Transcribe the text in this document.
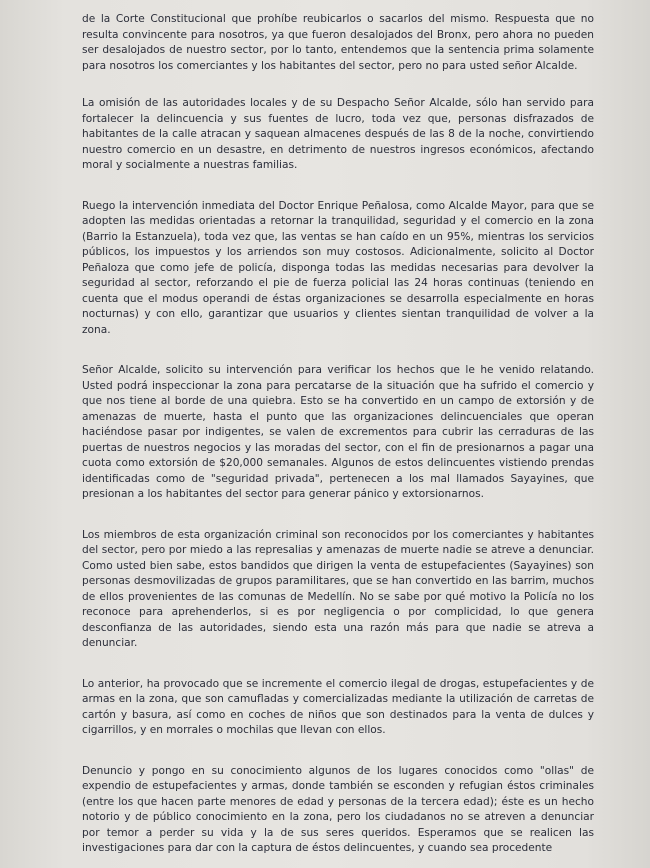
de la Corte Constitucional que prohíbe reubicarlos o sacarlos del mismo. Respuesta que no resulta convincente para nosotros, ya que fueron desalojados del Bronx, pero ahora no pueden ser desalojados de nuestro sector, por lo tanto, entendemos que la sentencia prima solamente para nosotros los comerciantes y los habitantes del sector, pero no para usted señor Alcalde.

La omisión de las autoridades locales y de su Despacho Señor Alcalde, sólo han servido para fortalecer la delincuencia y sus fuentes de lucro, toda vez que, personas disfrazados de habitantes de la calle atracan y saquean almacenes después de las 8 de la noche, convirtiendo nuestro comercio en un desastre, en detrimento de nuestros ingresos económicos, afectando moral y socialmente a nuestras familias.

Ruego la intervención inmediata del Doctor Enrique Peñalosa, como Alcalde Mayor, para que se adopten las medidas orientadas a retornar la tranquilidad, seguridad y el comercio en la zona (Barrio la Estanzuela), toda vez que, las ventas se han caído en un 95%, mientras los servicios públicos, los impuestos y los arriendos son muy costosos. Adicionalmente, solicito al Doctor Peñaloza que como jefe de policía, disponga todas las medidas necesarias para devolver la seguridad al sector, reforzando el pie de fuerza policial las 24 horas continuas (teniendo en cuenta que el modus operandi de éstas organizaciones se desarrolla especialmente en horas nocturnas) y con ello, garantizar que usuarios y clientes sientan tranquilidad de volver a la zona.

Señor Alcalde, solicito su intervención para verificar los hechos que le he venido relatando. Usted podrá inspeccionar la zona para percatarse de la situación que ha sufrido el comercio y que nos tiene al borde de una quiebra. Esto se ha convertido en un campo de extorsión y de amenazas de muerte, hasta el punto que las organizaciones delincuenciales que operan haciéndose pasar por indigentes, se valen de excrementos para cubrir las cerraduras de las puertas de nuestros negocios y las moradas del sector, con el fin de presionarnos a pagar una cuota como extorsión de $20,000 semanales. Algunos de estos delincuentes vistiendo prendas identificadas como de "seguridad privada", pertenecen a los mal llamados Sayayines, que presionan a los habitantes del sector para generar pánico y extorsionarnos.

Los miembros de esta organización criminal son reconocidos por los comerciantes y habitantes del sector, pero por miedo a las represalias y amenazas de muerte nadie se atreve a denunciar. Como usted bien sabe, estos bandidos que dirigen la venta de estupefacientes (Sayayines) son personas desmovilizadas de grupos paramilitares, que se han convertido en las barrim, muchos de ellos provenientes de las comunas de Medellín. No se sabe por qué motivo la Policía no los reconoce para aprehenderlos, si es por negligencia o por complicidad, lo que genera desconfianza de las autoridades, siendo esta una razón más para que nadie se atreva a denunciar.

Lo anterior, ha provocado que se incremente el comercio ilegal de drogas, estupefacientes y de armas en la zona, que son camufladas y comercializadas mediante la utilización de carretas de cartón y basura, así como en coches de niños que son destinados para la venta de dulces y cigarrillos, y en morrales o mochilas que llevan con ellos.

Denuncio y pongo en su conocimiento algunos de los lugares conocidos como "ollas" de expendio de estupefacientes y armas, donde también se esconden y refugian éstos criminales (entre los que hacen parte menores de edad y personas de la tercera edad); éste es un hecho notorio y de público conocimiento en la zona, pero los ciudadanos no se atreven a denunciar por temor a perder su vida y la de sus seres queridos. Esperamos que se realicen las investigaciones para dar con la captura de éstos delincuentes, y cuando sea procedente
